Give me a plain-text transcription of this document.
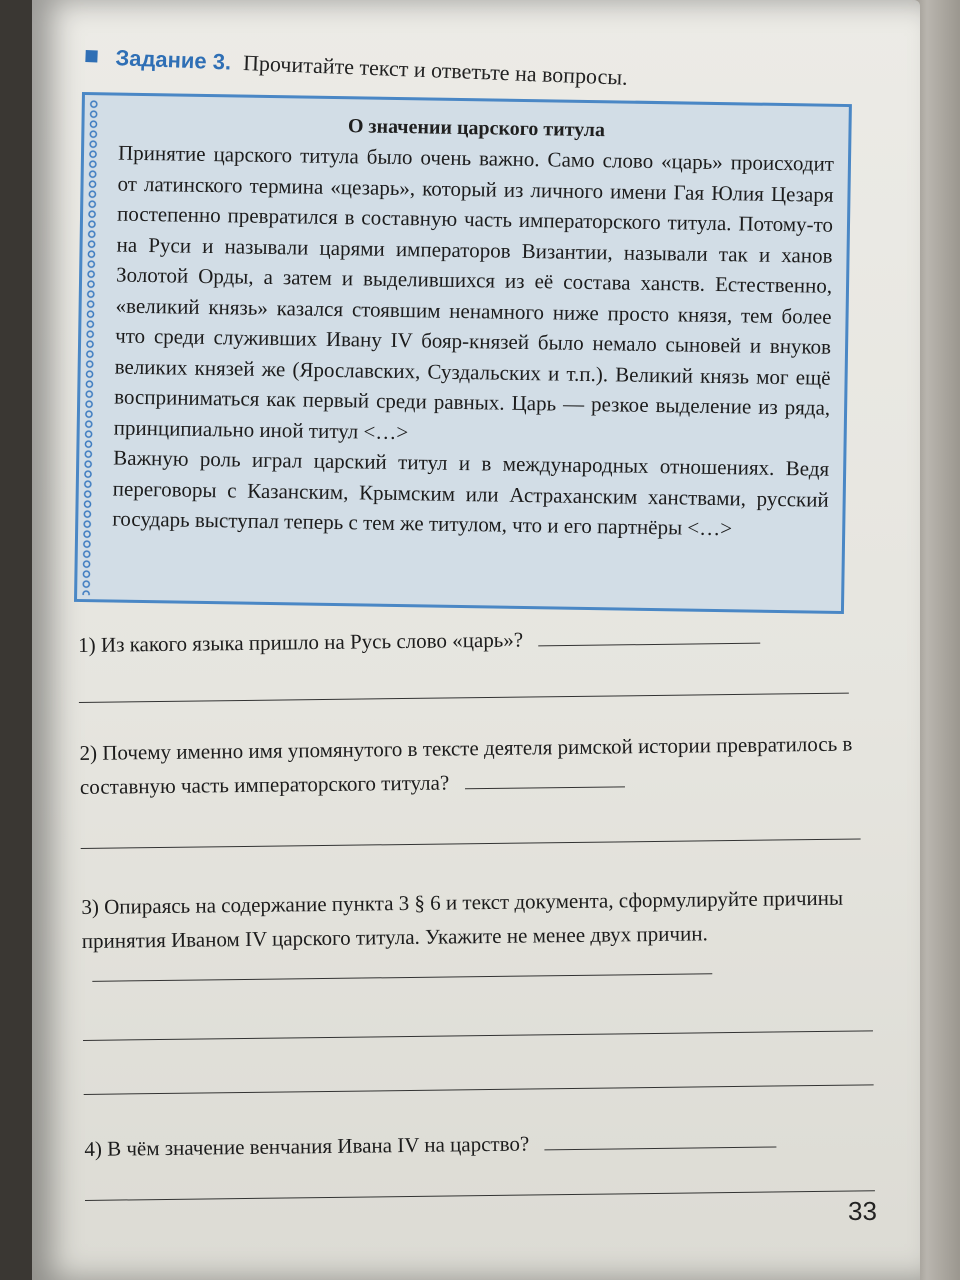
Задание 3. Прочитайте текст и ответьте на вопросы.
О значении царского титула

Принятие царского титула было очень важно. Само слово «царь» происходит от латинского термина «цезарь», который из личного имени Гая Юлия Цезаря постепенно превратился в составную часть императорского титула. Потому-то на Руси и называли царями императоров Византии, называли так и ханов Золотой Орды, а затем и выделившихся из её состава ханств. Естественно, «великий князь» казался стоявшим ненамного ниже просто князя, тем более что среди служивших Ивану IV бояр-князей было немало сыновей и внуков великих князей же (Ярославских, Суздальских и т.п.). Великий князь мог ещё восприниматься как первый среди равных. Царь — резкое выделение из ряда, принципиально иной титул <…>

Важную роль играл царский титул и в международных отношениях. Ведя переговоры с Казанским, Крымским или Астраханским ханствами, русский государь выступал теперь с тем же титулом, что и его партнёры <…>

1) Из какого языка пришло на Русь слово «царь»?
2) Почему именно имя упомянутого в тексте деятеля римской истории превратилось в составную часть императорского титула?
3) Опираясь на содержание пункта 3 § 6 и текст документа, сформулируйте причины принятия Иваном IV царского титула. Укажите не менее двух причин.
4) В чём значение венчания Ивана IV на царство?
33
